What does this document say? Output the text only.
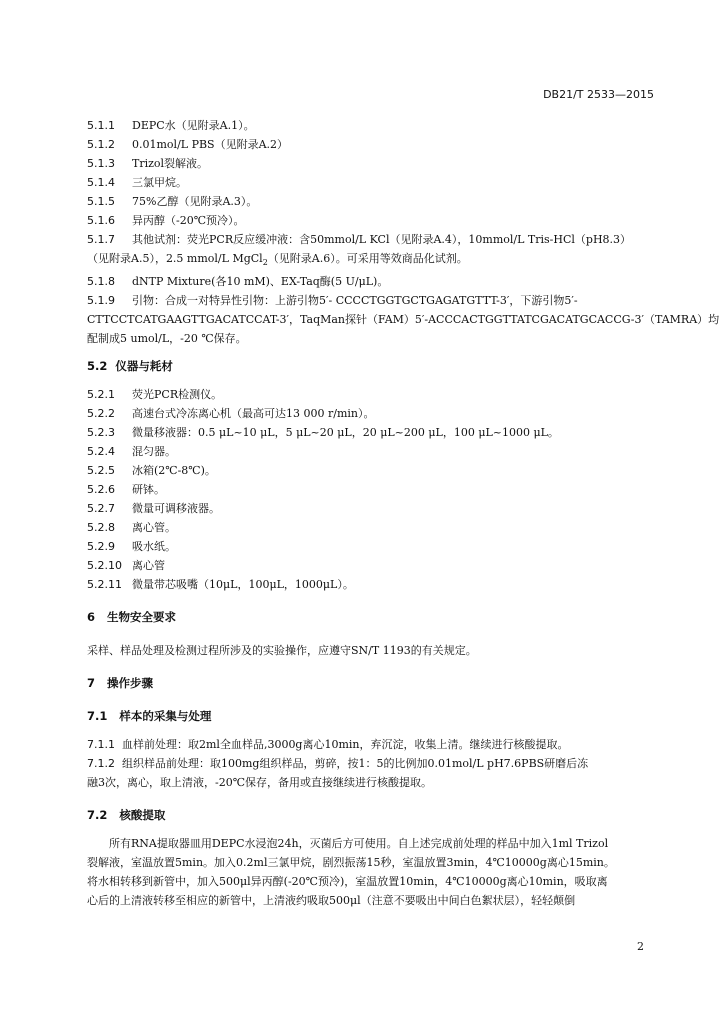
DB21/T 2533—2015
5.1.1 DEPC水（见附录A.1）。
5.1.2 0.01mol/L PBS（见附录A.2）
5.1.3 Trizol裂解液。
5.1.4 三氯甲烷。
5.1.5 75%乙醇（见附录A.3）。
5.1.6 异丙醇（-20℃预冷）。
5.1.7 其他试剂：荧光PCR反应缓冲液：含50mmol/L KCl（见附录A.4），10mmol/L Tris-HCl（pH8.3）
（见附录A.5），2.5 mmol/L MgCl$_2$（见附录A.6）。可采用等效商品化试剂。
5.1.8 dNTP Mixture(各10 mM)、EX-Taq酶(5 U/μL)。
5.1.9 引物：合成一对特异性引物：上游引物5′- CCCCTGGTGCTGAGATGTTT-3′，下游引物5′-
CTTCCTCATGAAGTTGACATCCAT-3′，TaqMan探针（FAM）5′-ACCCACTGGTTATCGACATGCACCG-3′（TAMRA）均
配制成5 umol/L，-20 ℃保存。
5.2 仪器与耗材
5.2.1 荧光PCR检测仪。
5.2.2 高速台式冷冻离心机（最高可达13 000 r/min）。
5.2.3 微量移液器：0.5 μL~10 μL，5 μL~20 μL，20 μL~200 μL，100 μL~1000 μL。
5.2.4 混匀器。
5.2.5 冰箱(2℃-8℃)。
5.2.6 研钵。
5.2.7 微量可调移液器。
5.2.8 离心管。
5.2.9 吸水纸。
5.2.10 离心管
5.2.11 微量带芯吸嘴（10μL，100μL，1000μL）。
6 生物安全要求
采样、样品处理及检测过程所涉及的实验操作，应遵守SN/T 1193的有关规定。
7 操作步骤
7.1 样本的采集与处理
7.1.1 血样前处理：取2ml全血样品,3000g离心10min，弃沉淀，收集上清。继续进行核酸提取。
7.1.2 组织样品前处理：取100mg组织样品，剪碎，按1：5的比例加0.01mol/L pH7.6PBS研磨后冻
融3次，离心，取上清液，-20℃保存，备用或直接继续进行核酸提取。
7.2 核酸提取
所有RNA提取器皿用DEPC水浸泡24h，灭菌后方可使用。自上述完成前处理的样品中加入1ml Trizol
裂解液，室温放置5min。加入0.2ml三氯甲烷，剧烈振荡15秒，室温放置3min，4℃10000g离心15min。
将水相转移到新管中，加入500μl异丙醇(-20℃预冷)，室温放置10min，4℃10000g离心10min，吸取离
心后的上清液转移至相应的新管中，上清液约吸取500μl（注意不要吸出中间白色絮状层），轻轻颠倒
2
